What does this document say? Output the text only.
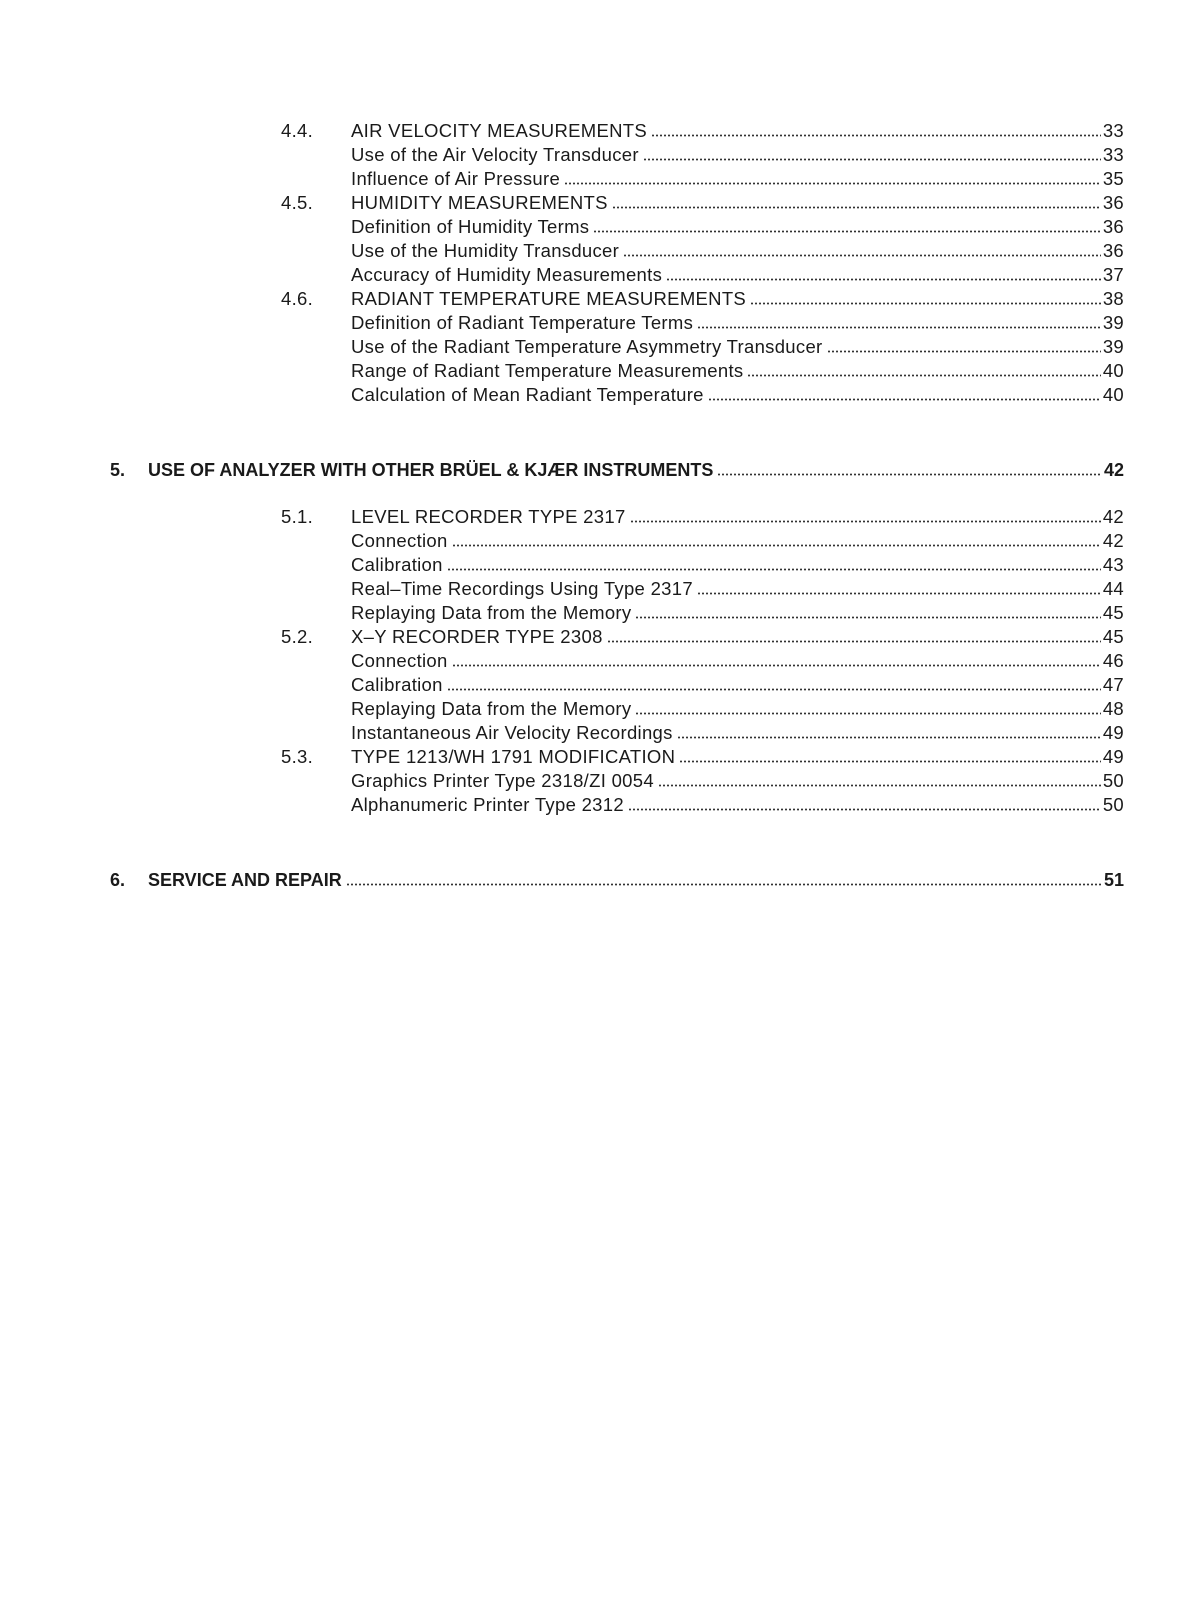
4.4. AIR VELOCITY MEASUREMENTS	33
Use of the Air Velocity Transducer	33
Influence of Air Pressure	35
4.5. HUMIDITY MEASUREMENTS	36
Definition of Humidity Terms	36
Use of the Humidity Transducer	36
Accuracy of Humidity Measurements	37
4.6. RADIANT TEMPERATURE MEASUREMENTS	38
Definition of Radiant Temperature Terms	39
Use of the Radiant Temperature Asymmetry Transducer	39
Range of Radiant Temperature Measurements	40
Calculation of Mean Radiant Temperature	40
5. USE OF ANALYZER WITH OTHER BRÜEL & KJÆR INSTRUMENTS	42
5.1. LEVEL RECORDER TYPE 2317	42
Connection	42
Calibration	43
Real–Time Recordings Using Type 2317	44
Replaying Data from the Memory	45
5.2. X–Y RECORDER TYPE 2308	45
Connection	46
Calibration	47
Replaying Data from the Memory	48
Instantaneous Air Velocity Recordings	49
5.3. TYPE 1213/WH 1791 MODIFICATION	49
Graphics Printer Type 2318/ZI 0054	50
Alphanumeric Printer Type 2312	50
6. SERVICE AND REPAIR	51
